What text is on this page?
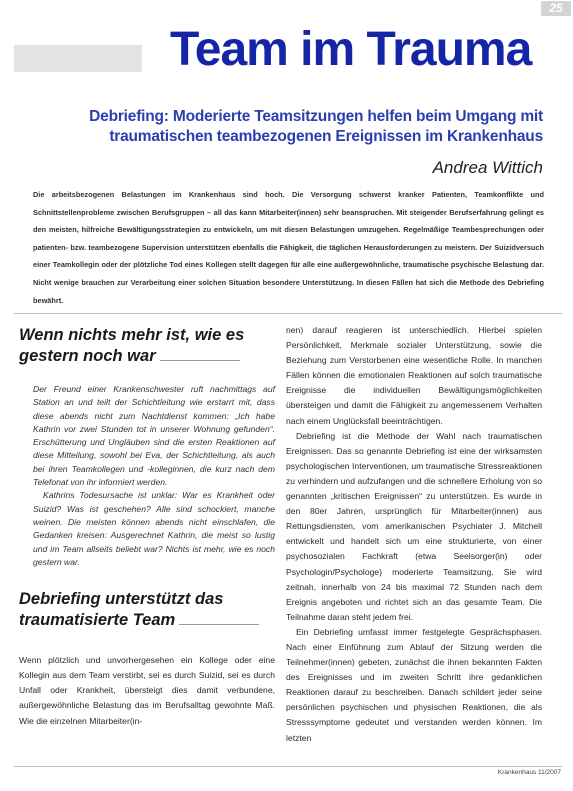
25
Team im Trauma
Debriefing: Moderierte Teamsitzungen helfen beim Umgang mit traumatischen teambezogenen Ereignissen im Krankenhaus
Andrea Wittich
Die arbeitsbezogenen Belastungen im Krankenhaus sind hoch. Die Versorgung schwerst kranker Patienten, Teamkonflikte und Schnittstellenprobleme zwischen Berufsgruppen – all das kann Mitarbeiter(innen) sehr beanspruchen. Mit steigender Berufserfahrung gelingt es den meisten, hilfreiche Bewältigungsstrategien zu entwickeln, um mit diesen Belastungen umzugehen. Regelmäßige Teambesprechungen oder patienten- bzw. teambezogene Supervision unterstützen ebenfalls die Fähigkeit, die täglichen Herausforderungen zu meistern. Der Suizidversuch einer Teamkollegin oder der plötzliche Tod eines Kollegen stellt dagegen für alle eine außergewöhnliche, traumatische psychische Belastung dar. Nicht wenige brauchen zur Verarbeitung einer solchen Situation besondere Unterstützung. In diesen Fällen hat sich die Methode des Debriefing bewährt.
Wenn nichts mehr ist, wie es gestern noch war

Der Freund einer Krankenschwester ruft nachmittags auf Station an und teilt der Schichtleitung wie erstarrt mit, dass diese abends nicht zum Nachtdienst kommen: „Ich habe Kathrin vor zwei Stunden tot in unserer Wohnung gefunden“. Erschütterung und Ungläuben sind die ersten Reaktionen auf diese Mitteilung, sowohl bei Eva, der Schichtleitung, als auch bei ihren Teamkollegen und -kolleginnen, die kurz nach dem Telefonat von ihr informiert werden.

Kathrins Todesursache ist unklar: War es Krankheit oder Suizid? Was ist geschehen? Alle sind schockiert, manche weinen. Die meisten können abends nicht einschlafen, die Gedanken kreisen: Ausgerechnet Kathrin, die meist so lustig und im Team allseits beliebt war? Nichts ist mehr, wie es noch gestern war.

Debriefing unterstützt das traumatisierte Team

Wenn plötzlich und unvorhergesehen ein Kollege oder eine Kollegin aus dem Team verstirbt, sei es durch Suizid, sei es durch Unfall oder Krankheit, übersteigt dies damit verbundene, außergewöhnliche Belastung das im Berufsalltag gewohnte Maß. Wie die einzelnen Mitarbeiter(in-

nen) darauf reagieren ist unterschiedlich. Hierbei spielen Persönlichkeit, Merkmale sozialer Unterstützung, sowie die Beziehung zum Verstorbenen eine wesentliche Rolle. In manchen Fällen können die emotionalen Reaktionen auf solch traumatische Ereignisse die individuellen Bewältigungsmöglichkeiten übersteigen und damit die Fähigkeit zu angemessenem Verhalten nach einem Unglücksfall beeinträchtigen.

Debriefing ist die Methode der Wahl nach traumatischen Ereignissen. Das so genannte Debriefing ist eine der wirksamsten psychologischen Interventionen, um traumatische Stressreaktionen zu verhindern und aufzufangen und die schnellere Erholung von so genannten „kritischen Ereignissen“ zu unterstützen. Es wurde in den 80er Jahren, ursprünglich für Mitarbeiter(innen) aus Rettungsdiensten, vom amerikanischen Psychiater J. Mitchell entwickelt und handelt sich um eine strukturierte, von einer psychosozialen Fachkraft (etwa Seelsorger(in) oder Psychologin/Psychologe) moderierte Teamsitzung. Sie wird zeitnah, innerhalb von 24 bis maximal 72 Stunden nach dem Ereignis angeboten und richtet sich an das gesamte Team. Die Teilnahme daran steht jedem frei.

Ein Debriefing umfasst immer festgelegte Gesprächsphasen. Nach einer Einführung zum Ablauf der Sitzung werden die Teilnehmer(innen) gebeten, zunächst die ihnen bekannten Fakten des Ereignisses und im zweiten Schritt ihre gedanklichen Reaktionen darauf zu beschreiben. Danach schildert jeder seine persönlichen psychischen und physischen Reaktionen, die als Stresssymptome gedeutet und verstanden werden können. Im letzten

Krankenhaus 11/2007
